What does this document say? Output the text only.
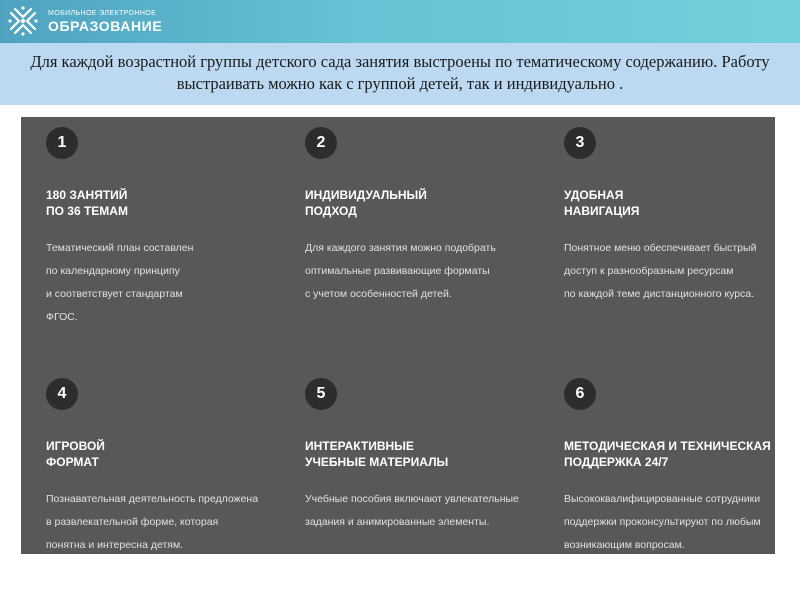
МОБИЛЬНОЕ ЭЛЕКТРОННОЕ
ОБРАЗОВАНИЕ

Для каждой возрастной группы детского сада занятия выстроены по тематическому содержанию. Работу выстраивать можно как с группой детей, так и индивидуально .

1
180 ЗАНЯТИЙ
ПО 36 ТЕМАМ
Тематический план составлен
по календарному принципу
и соответствует стандартам
ФГОС.
2
ИНДИВИДУАЛЬНЫЙ
ПОДХОД
Для каждого занятия можно подобрать
оптимальные развивающие форматы
с учетом особенностей детей.
3
УДОБНАЯ
НАВИГАЦИЯ
Понятное меню обеспечивает быстрый
доступ к разнообразным ресурсам
по каждой теме дистанционного курса.
4
ИГРОВОЙ
ФОРМАТ
Познавательная деятельность предложена
в развлекательной форме, которая
понятна и интересна детям.
5
ИНТЕРАКТИВНЫЕ
УЧЕБНЫЕ МАТЕРИАЛЫ
Учебные пособия включают увлекательные
задания и анимированные элементы.
6
МЕТОДИЧЕСКАЯ И ТЕХНИЧЕСКАЯ
ПОДДЕРЖКА 24/7
Высококвалифицированные сотрудники
поддержки проконсультируют по любым
возникающим вопросам.
